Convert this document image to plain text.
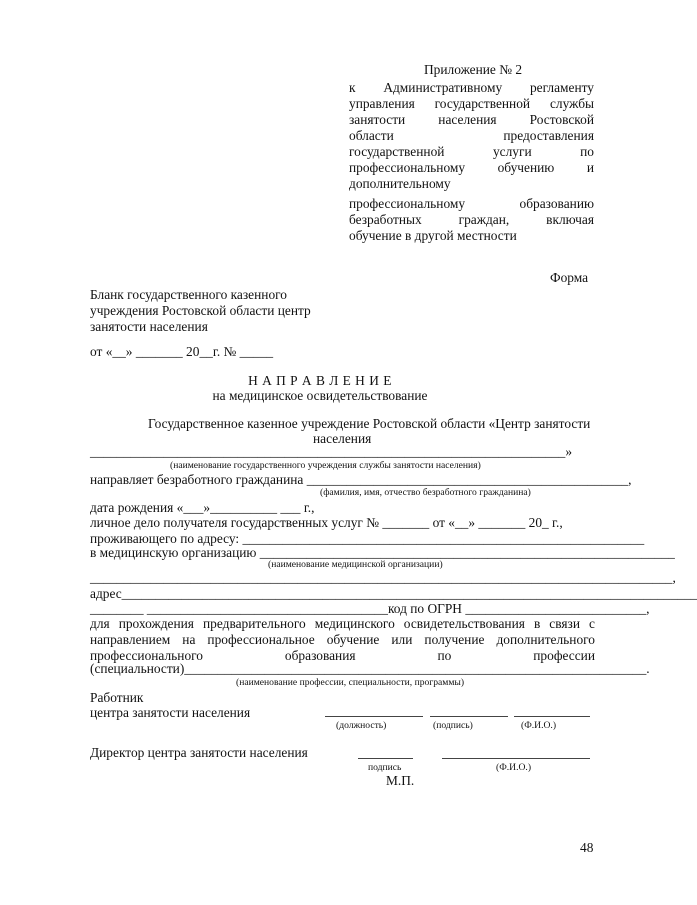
Приложение № 2
к Административному регламенту
управления государственной службы
занятости населения Ростовской
области предоставления
государственной услуги по
профессиональному обучению и
дополнительному
профессиональному образованию
безработных граждан, включая
обучение в другой местности
Форма
Бланк государственного казенного
учреждения Ростовской области центр
занятости населения
от «__» _______ 20__г. № _____
Н А П Р А В Л Е Н И Е
на медицинское освидетельствование
Государственное казенное учреждение Ростовской области «Центр занятости
населения
_______________________________________________________________________»
(наименование государственного учреждения службы занятости населения)
направляет безработного гражданина ________________________________________________,
(фамилия, имя, отчество безработного гражданина)
дата рождения «___»__________ ___ г.,
личное дело получателя государственных услуг № _______ от «__» _______ 20_ г.,
проживающего по адресу: ____________________________________________________________
в медицинскую организацию ______________________________________________________________
(наименование медицинской организации)
_______________________________________________________________________________________,
адрес______________________________________________________________________________________
________ ____________________________________код по ОГРН ___________________________,
для прохождения предварительного медицинского освидетельствования в связи с
направлением на профессиональное обучение или получение дополнительного
профессионального образования по профессии
(специальности)_____________________________________________________________________.
(наименование профессии, специальности, программы)
Работник
центра занятости населения
(должность)	(подпись)	(Ф.И.О.)
Директор центра занятости населения
подпись	(Ф.И.О.)
М.П.
48
